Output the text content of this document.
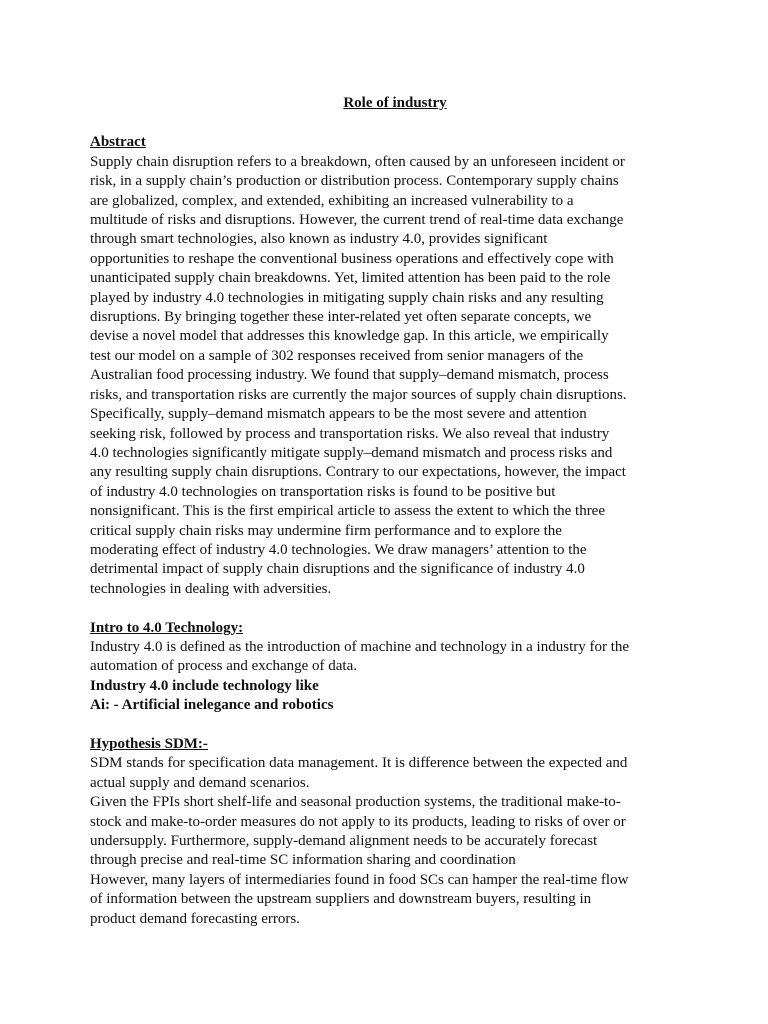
Role of industry

Abstract

Supply chain disruption refers to a breakdown, often caused by an unforeseen incident or
risk, in a supply chain’s production or distribution process. Contemporary supply chains
are globalized, complex, and extended, exhibiting an increased vulnerability to a
multitude of risks and disruptions. However, the current trend of real-time data exchange
through smart technologies, also known as industry 4.0, provides significant
opportunities to reshape the conventional business operations and effectively cope with
unanticipated supply chain breakdowns. Yet, limited attention has been paid to the role
played by industry 4.0 technologies in mitigating supply chain risks and any resulting
disruptions. By bringing together these inter-related yet often separate concepts, we
devise a novel model that addresses this knowledge gap. In this article, we empirically
test our model on a sample of 302 responses received from senior managers of the
Australian food processing industry. We found that supply–demand mismatch, process
risks, and transportation risks are currently the major sources of supply chain disruptions.
Specifically, supply–demand mismatch appears to be the most severe and attention
seeking risk, followed by process and transportation risks. We also reveal that industry
4.0 technologies significantly mitigate supply–demand mismatch and process risks and
any resulting supply chain disruptions. Contrary to our expectations, however, the impact
of industry 4.0 technologies on transportation risks is found to be positive but
nonsignificant. This is the first empirical article to assess the extent to which the three
critical supply chain risks may undermine firm performance and to explore the
moderating effect of industry 4.0 technologies. We draw managers’ attention to the
detrimental impact of supply chain disruptions and the significance of industry 4.0
technologies in dealing with adversities.

Intro to 4.0 Technology:

Industry 4.0 is defined as the introduction of machine and technology in a industry for the
automation of process and exchange of data.

Industry 4.0 include technology like

Ai: - Artificial inelegance and robotics

Hypothesis SDM:-

SDM stands for specification data management. It is difference between the expected and
actual supply and demand scenarios.
Given the FPIs short shelf-life and seasonal production systems, the traditional make-to-
stock and make-to-order measures do not apply to its products, leading to risks of over or
undersupply. Furthermore, supply-demand alignment needs to be accurately forecast
through precise and real-time SC information sharing and coordination
However, many layers of intermediaries found in food SCs can hamper the real-time flow
of information between the upstream suppliers and downstream buyers, resulting in
product demand forecasting errors.
